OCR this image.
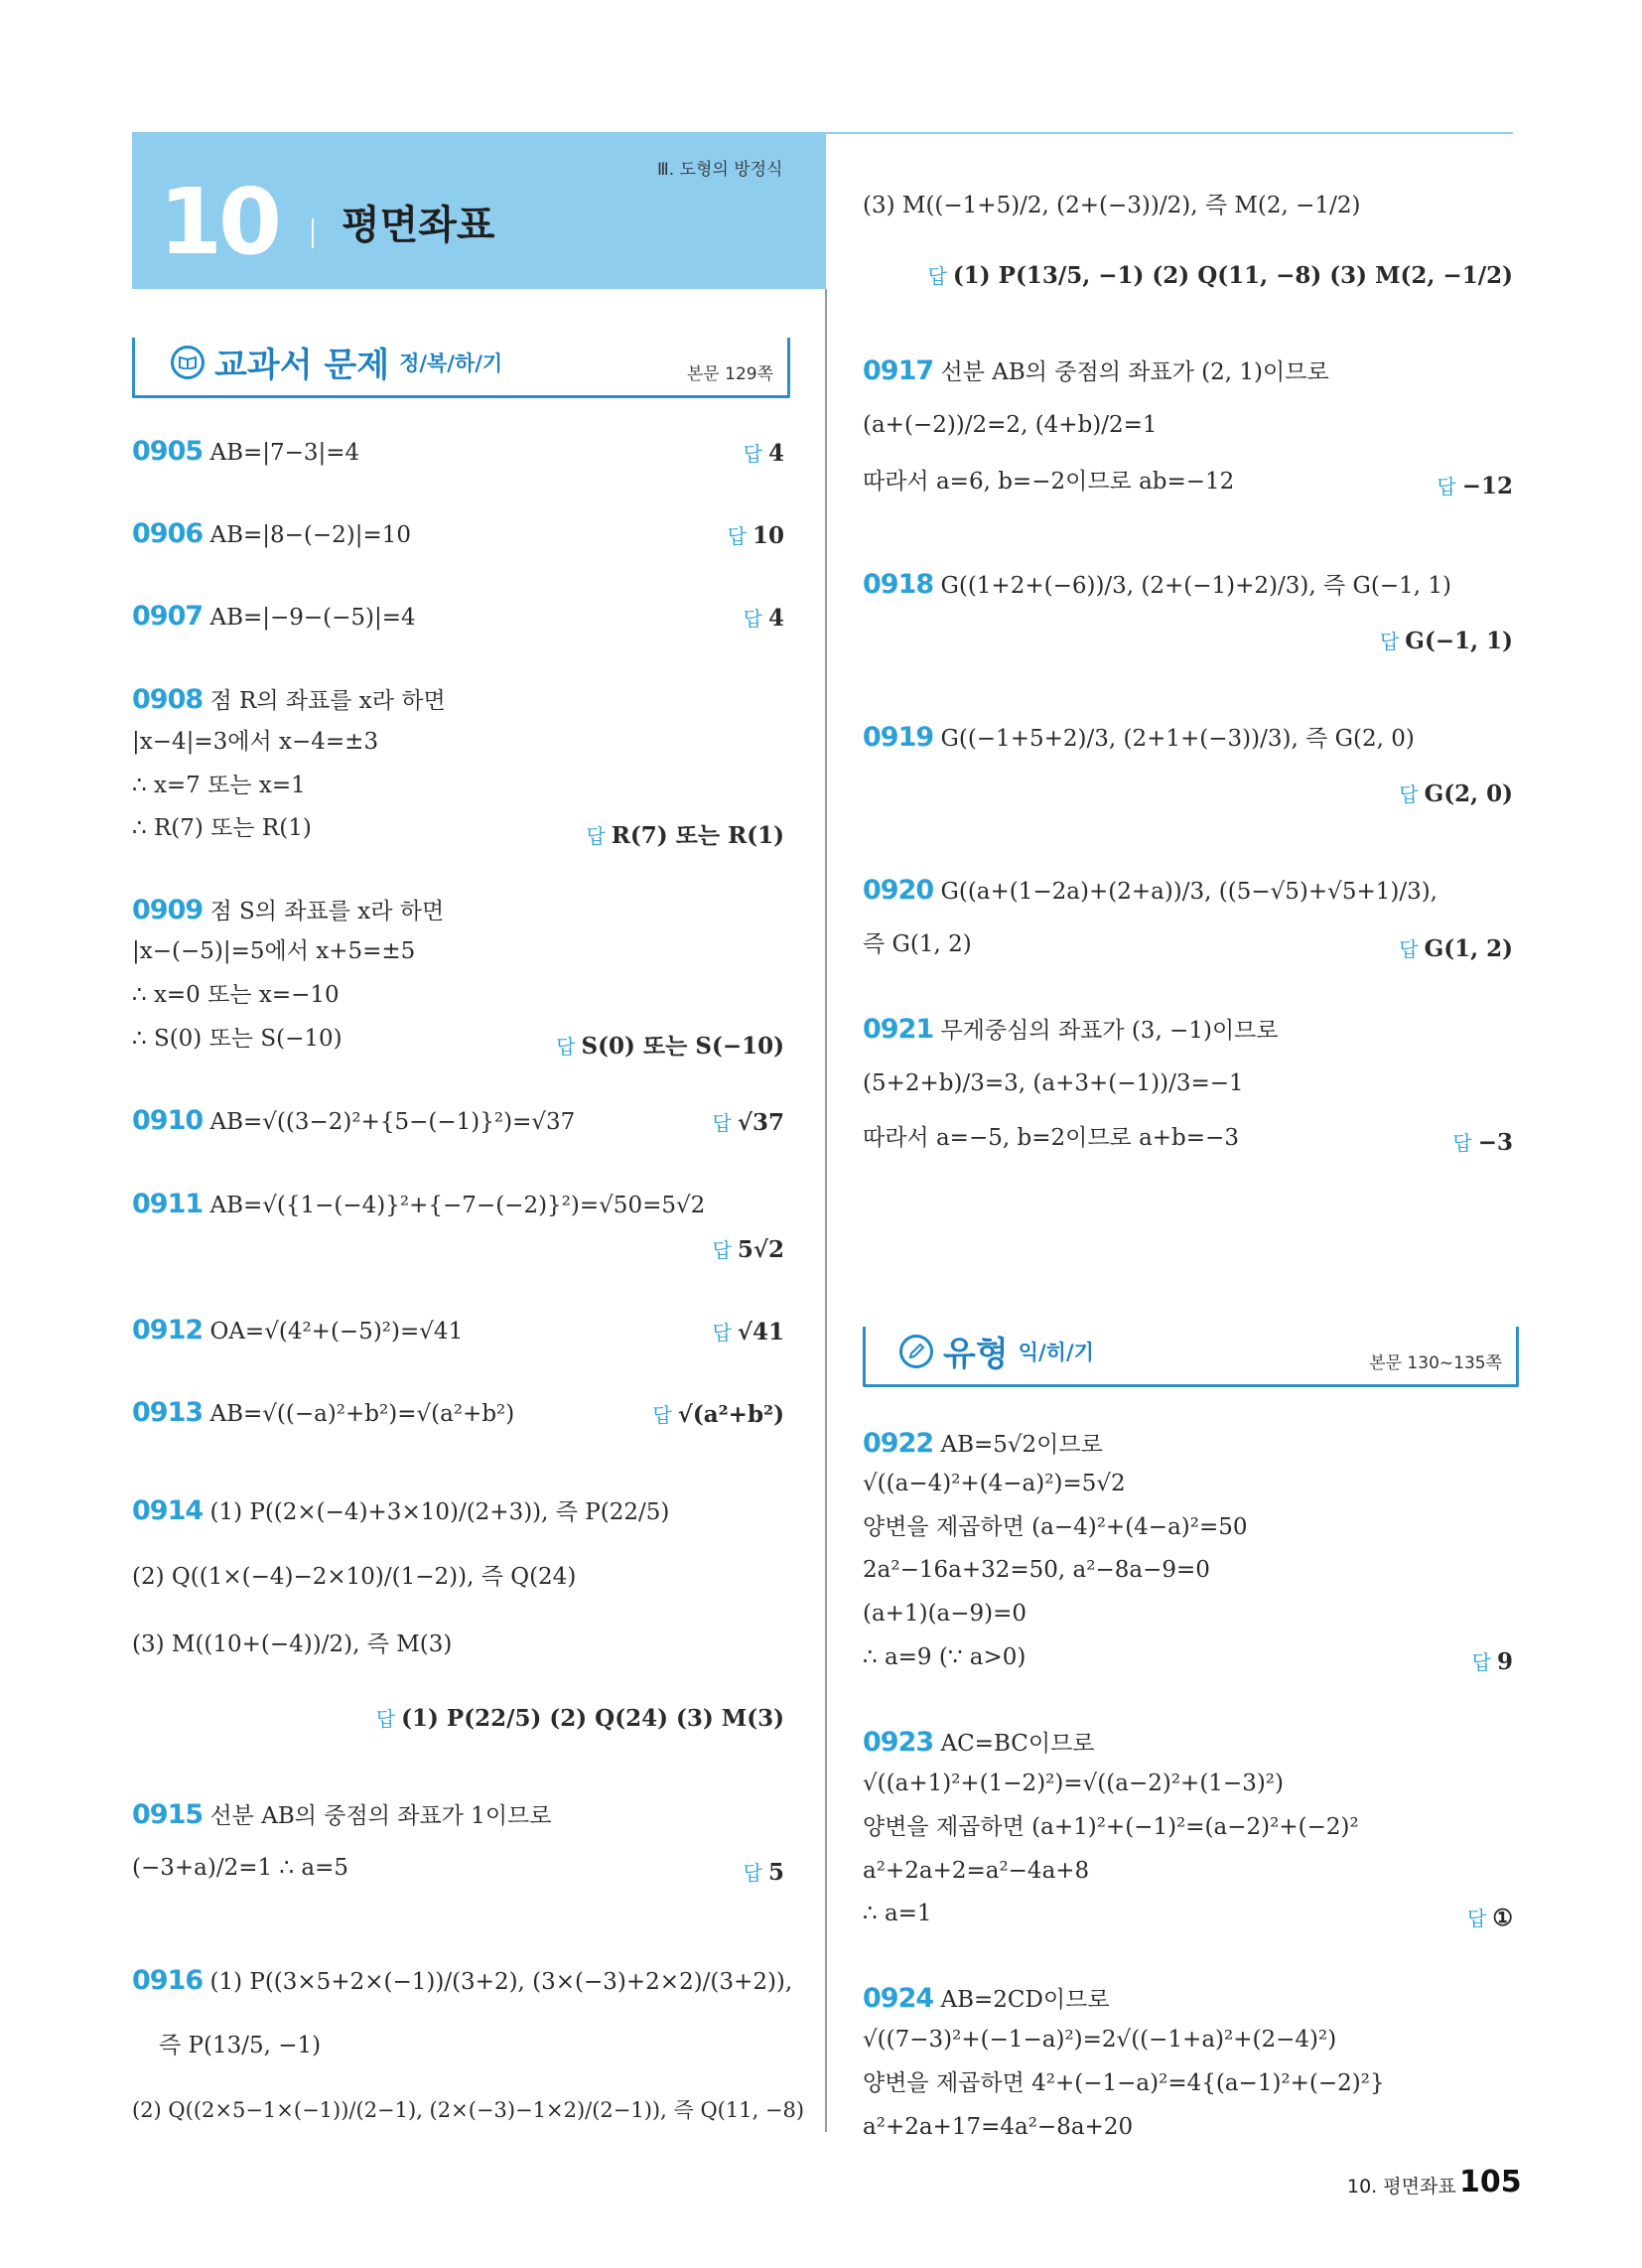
10 평면좌표
Ⅲ. 도형의 방정식
교과서 문제 정/복/하/기	본문 129쪽
유형 익/히/기	본문 130~135쪽
0905 AB=|7−3|=4
0906 AB=|8−(−2)|=10
0907 AB=|−9−(−5)|=4
0908 점 R의 좌표를 x라 하면
|x−4|=3에서 x−4=±3
∴ x=7 또는 x=1
∴ R(7) 또는 R(1)
0909 점 S의 좌표를 x라 하면
|x−(−5)|=5에서 x+5=±5
∴ x=0 또는 x=−10
∴ S(0) 또는 S(−10)
0910 AB=√((3−2)²+{5−(−1)}²)=√37
0911 AB=√({1−(−4)}²+{−7−(−2)}²)=√50=5√2
0912 OA=√(4²+(−5)²)=√41
0913 AB=√((−a)²+b²)=√(a²+b²)
0914 (1) P((2×(−4)+3×10)/(2+3)), 즉 P(22/5)
(2) Q((1×(−4)−2×10)/(1−2)), 즉 Q(24)
(3) M((10+(−4))/2), 즉 M(3)
0915 선분 AB의 중점의 좌표가 1이므로
(−3+a)/2=1 ∴ a=5
0916 (1) P((3×5+2×(−1))/(3+2), (3×(−3)+2×2)/(3+2)),
즉 P(13/5, −1)
(2) Q((2×5−1×(−1))/(2−1), (2×(−3)−1×2)/(2−1)), 즉 Q(11, −8)
답 4
답 10
답 4
답 R(7) 또는 R(1)
답 S(0) 또는 S(−10)
답 √37
답 5√2
답 √41
답 √(a²+b²)
답 (1) P(22/5) (2) Q(24) (3) M(3)
답 5
(3) M((−1+5)/2, (2+(−3))/2), 즉 M(2, −1/2)
0917 선분 AB의 중점의 좌표가 (2, 1)이므로
(a+(−2))/2=2, (4+b)/2=1
따라서 a=6, b=−2이므로 ab=−12
0918 G((1+2+(−6))/3, (2+(−1)+2)/3), 즉 G(−1, 1)
0919 G((−1+5+2)/3, (2+1+(−3))/3), 즉 G(2, 0)
0920 G((a+(1−2a)+(2+a))/3, ((5−√5)+√5+1)/3),
즉 G(1, 2)
0921 무게중심의 좌표가 (3, −1)이므로
(5+2+b)/3=3, (a+3+(−1))/3=−1
따라서 a=−5, b=2이므로 a+b=−3
0922 AB=5√2이므로
√((a−4)²+(4−a)²)=5√2
양변을 제곱하면 (a−4)²+(4−a)²=50
2a²−16a+32=50, a²−8a−9=0
(a+1)(a−9)=0
∴ a=9 (∵ a>0)
0923 AC=BC이므로
√((a+1)²+(1−2)²)=√((a−2)²+(1−3)²)
양변을 제곱하면 (a+1)²+(−1)²=(a−2)²+(−2)²
a²+2a+2=a²−4a+8
∴ a=1
0924 AB=2CD이므로
√((7−3)²+(−1−a)²)=2√((−1+a)²+(2−4)²)
양변을 제곱하면 4²+(−1−a)²=4{(a−1)²+(−2)²}
a²+2a+17=4a²−8a+20
답 (1) P(13/5, −1) (2) Q(11, −8) (3) M(2, −1/2)
답 −12
답 G(−1, 1)
답 G(2, 0)
답 G(1, 2)
답 −3
답 9
답 ①
10. 평면좌표 105
